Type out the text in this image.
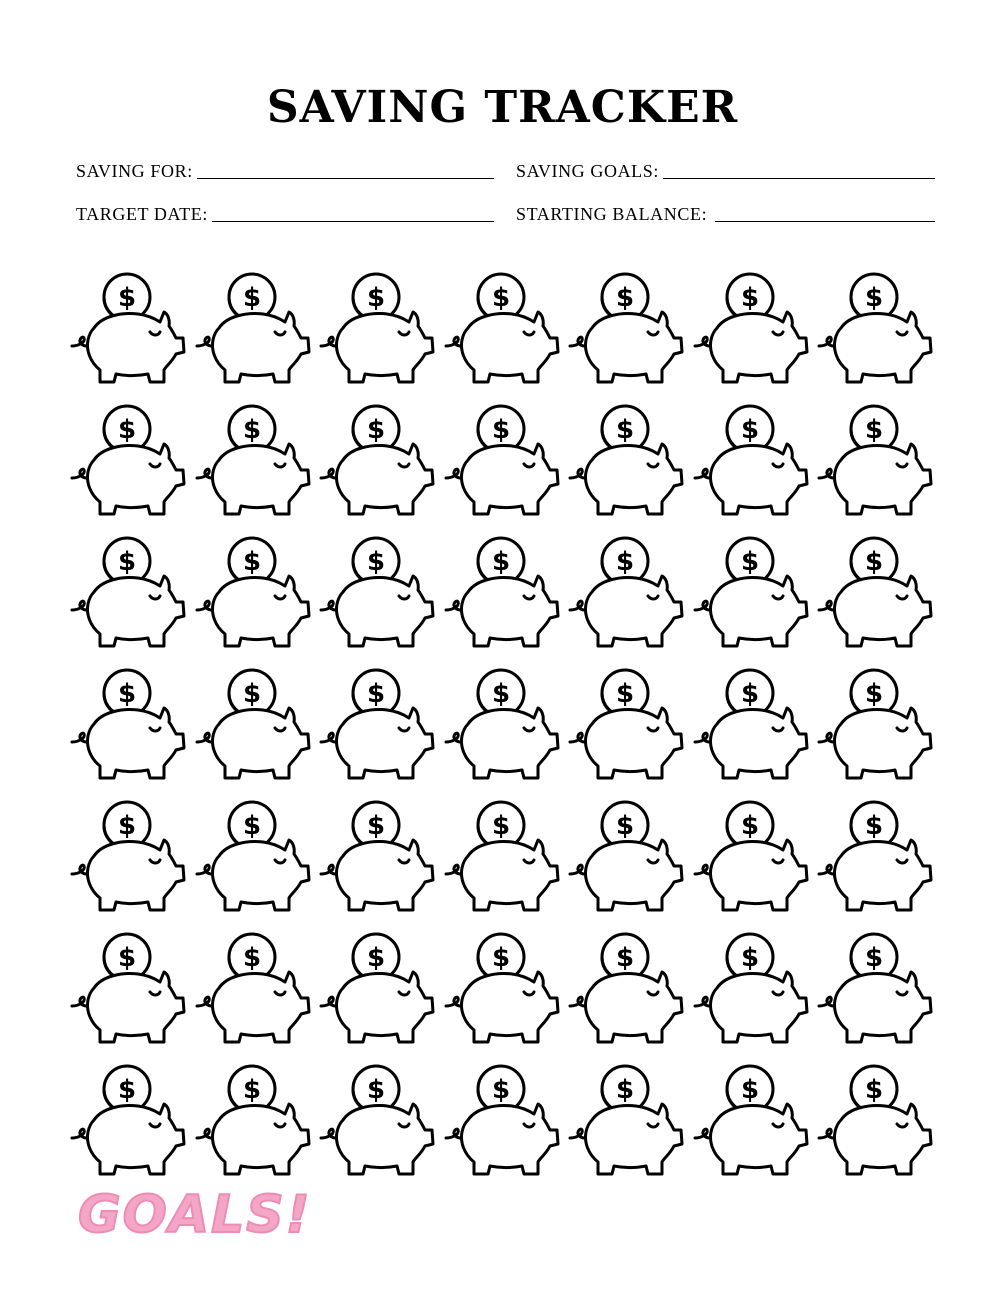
SAVING TRACKER
SAVING FOR:	SAVING GOALS:
TARGET DATE:	STARTING BALANCE:
$	$	$	$	$	$	$
$	$	$	$	$	$	$
$	$	$	$	$	$	$
$	$	$	$	$	$	$
$	$	$	$	$	$	$
$	$	$	$	$	$	$
$	$	$	$	$	$	$
GOALS!
